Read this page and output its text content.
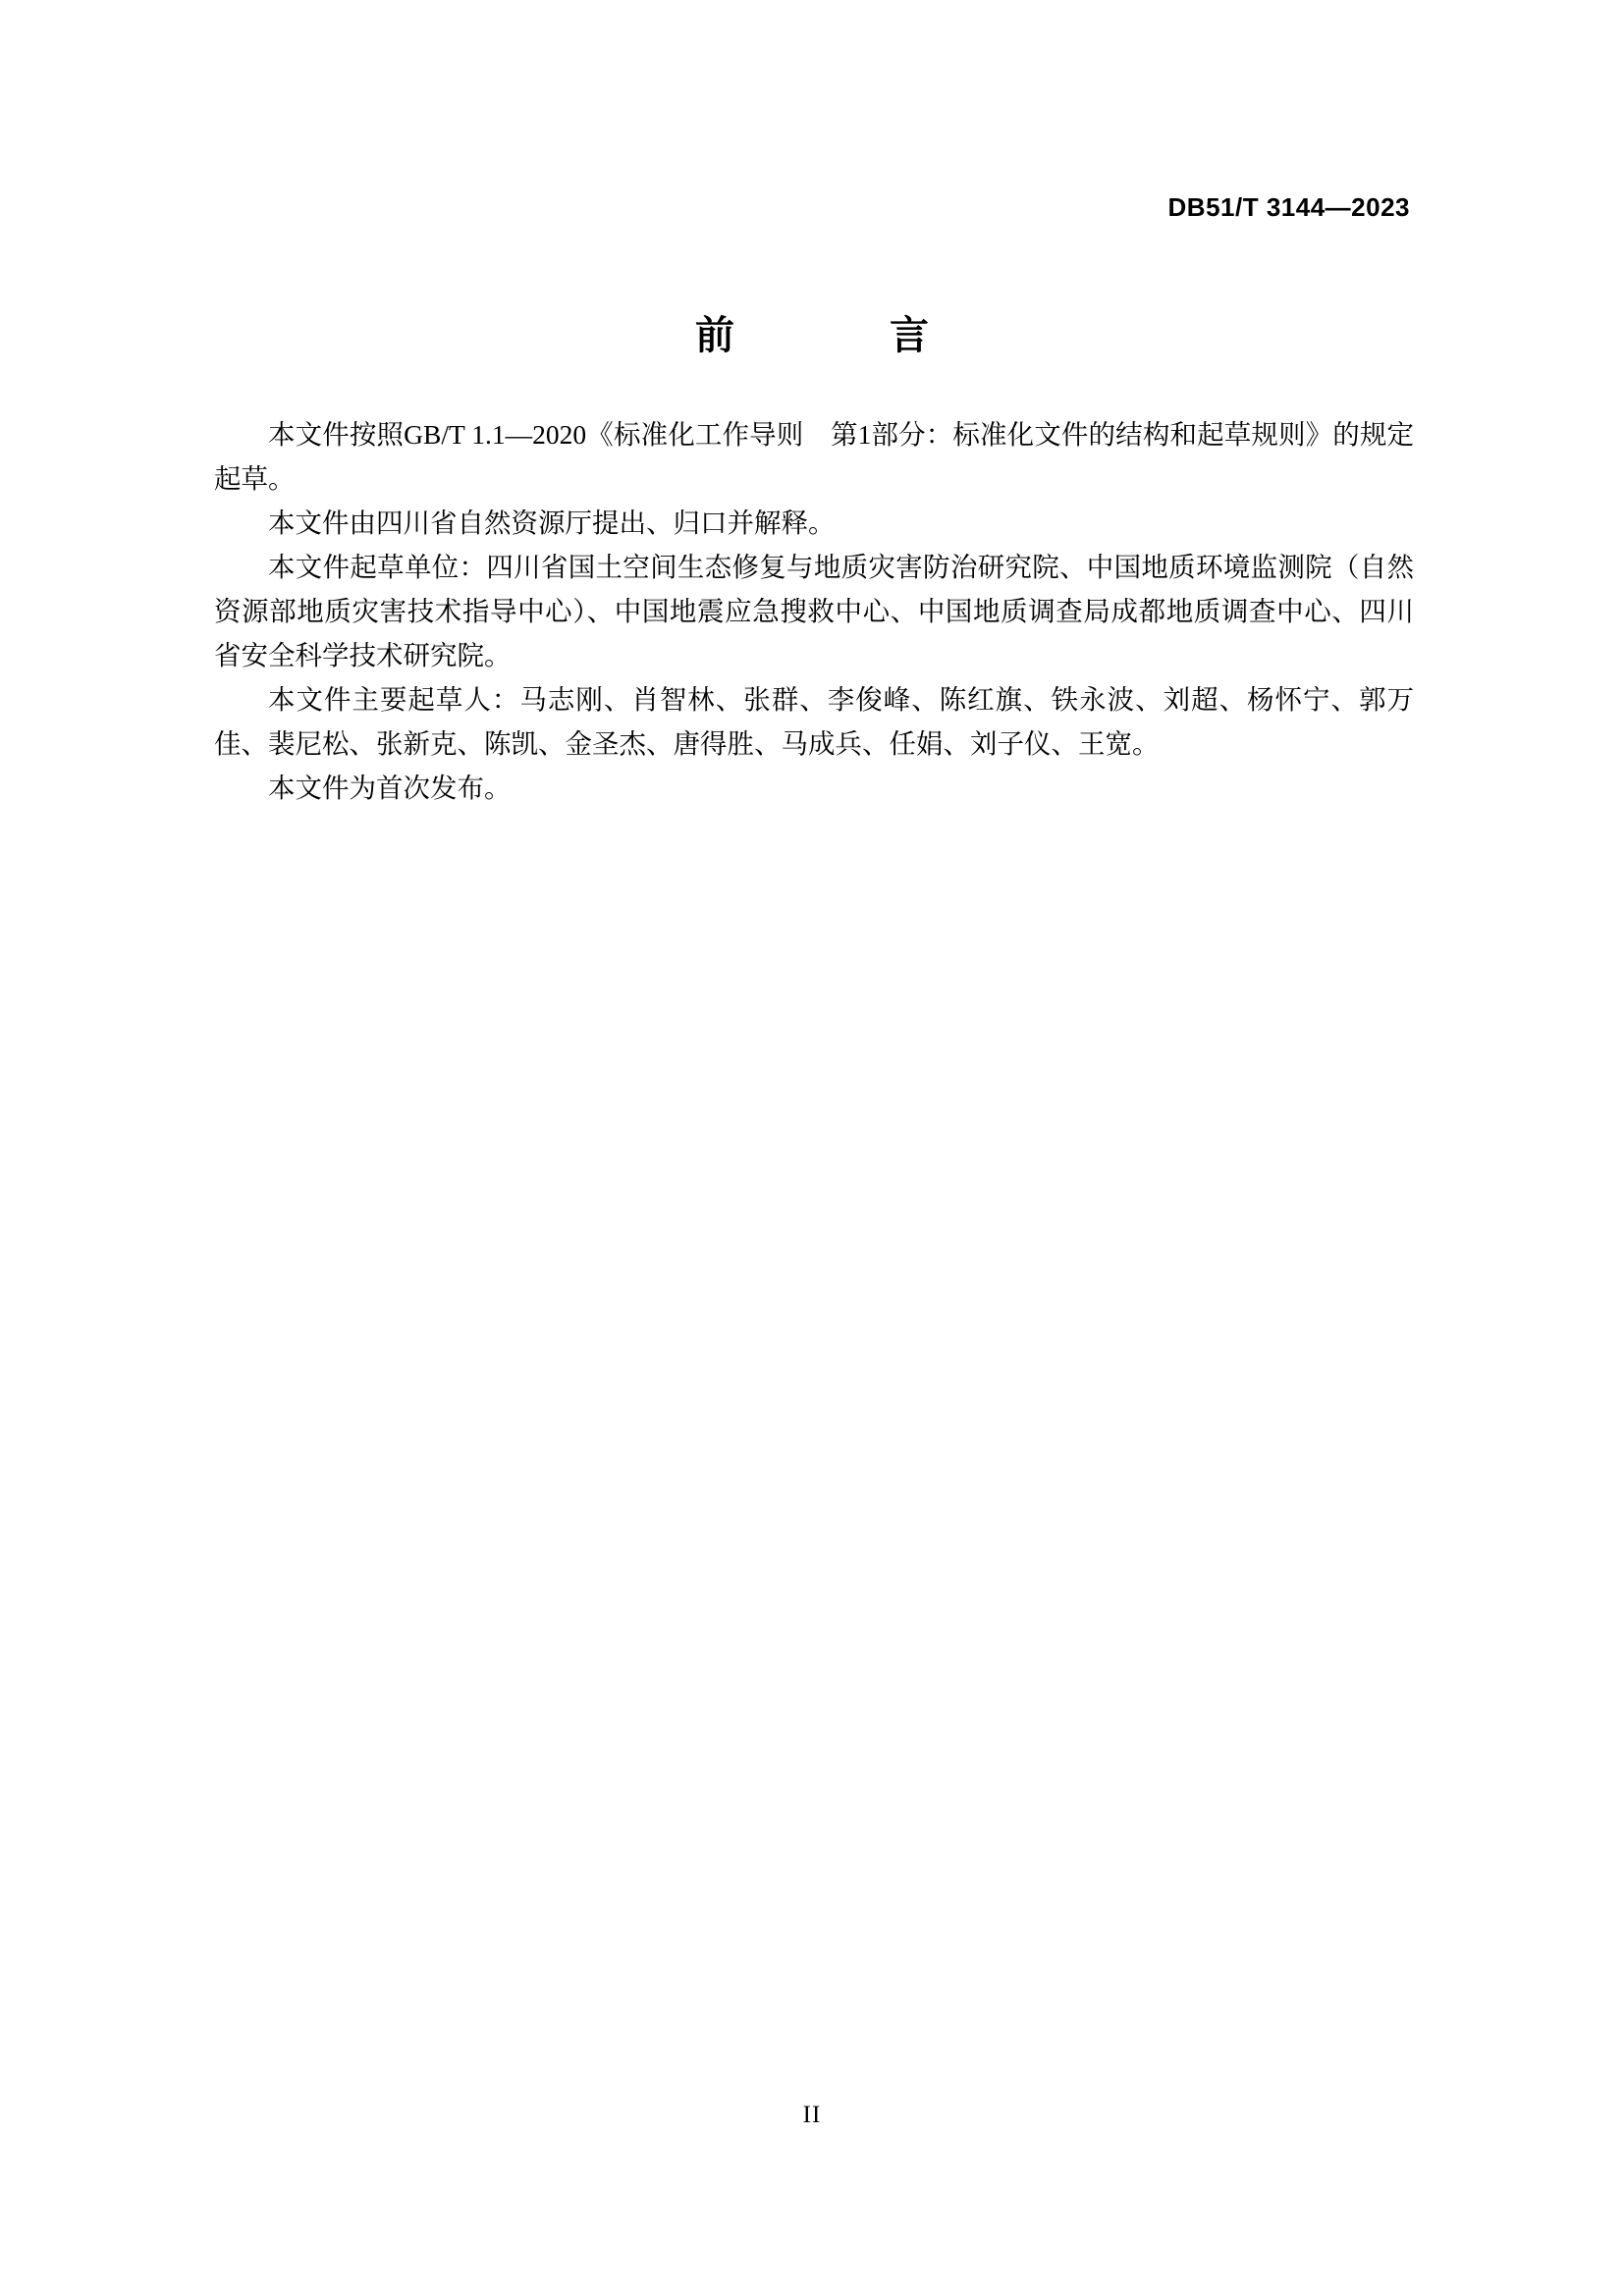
DB51/T 3144—2023
前　　言

本文件按照GB/T 1.1—2020《标准化工作导则　第1部分：标准化文件的结构和起草规则》的规定起草。

本文件由四川省自然资源厅提出、归口并解释。

本文件起草单位：四川省国土空间生态修复与地质灾害防治研究院、中国地质环境监测院（自然资源部地质灾害技术指导中心）、中国地震应急搜救中心、中国地质调查局成都地质调查中心、四川省安全科学技术研究院。

本文件主要起草人：马志刚、肖智林、张群、李俊峰、陈红旗、铁永波、刘超、杨怀宁、郭万佳、裴尼松、张新克、陈凯、金圣杰、唐得胜、马成兵、任娟、刘子仪、王宽。

本文件为首次发布。

II
